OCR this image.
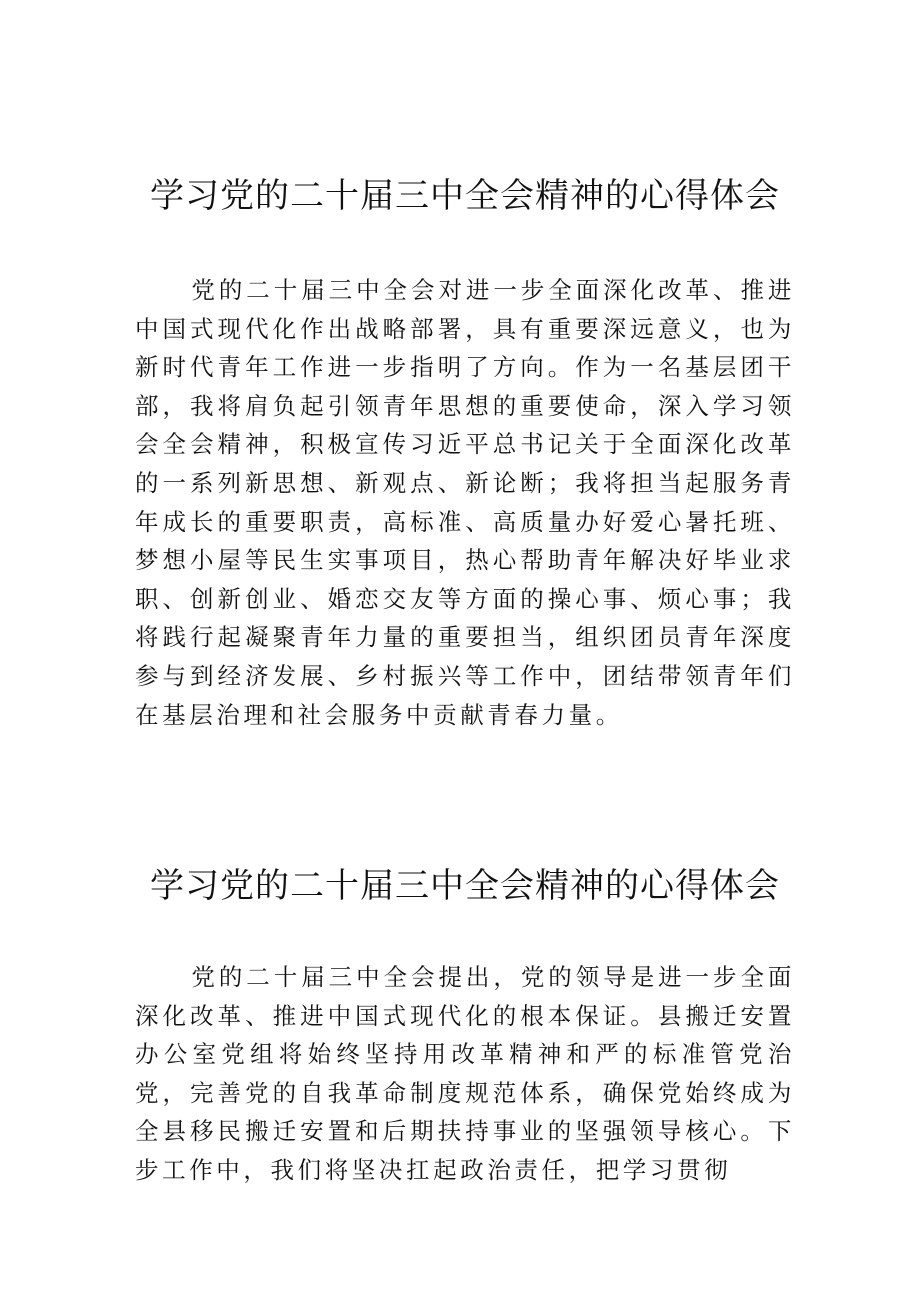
学习党的二十届三中全会精神的心得体会

党的二十届三中全会对进一步全面深化改革、推进中国式现代化作出战略部署，具有重要深远意义，也为新时代青年工作进一步指明了方向。作为一名基层团干部，我将肩负起引领青年思想的重要使命，深入学习领会全会精神，积极宣传习近平总书记关于全面深化改革的一系列新思想、新观点、新论断；我将担当起服务青年成长的重要职责，高标准、高质量办好爱心暑托班、梦想小屋等民生实事项目，热心帮助青年解决好毕业求职、创新创业、婚恋交友等方面的操心事、烦心事；我将践行起凝聚青年力量的重要担当，组织团员青年深度参与到经济发展、乡村振兴等工作中，团结带领青年们在基层治理和社会服务中贡献青春力量。

学习党的二十届三中全会精神的心得体会

党的二十届三中全会提出，党的领导是进一步全面深化改革、推进中国式现代化的根本保证。县搬迁安置办公室党组将始终坚持用改革精神和严的标准管党治党，完善党的自我革命制度规范体系，确保党始终成为全县移民搬迁安置和后期扶持事业的坚强领导核心。下步工作中，我们将坚决扛起政治责任，把学习贯彻
